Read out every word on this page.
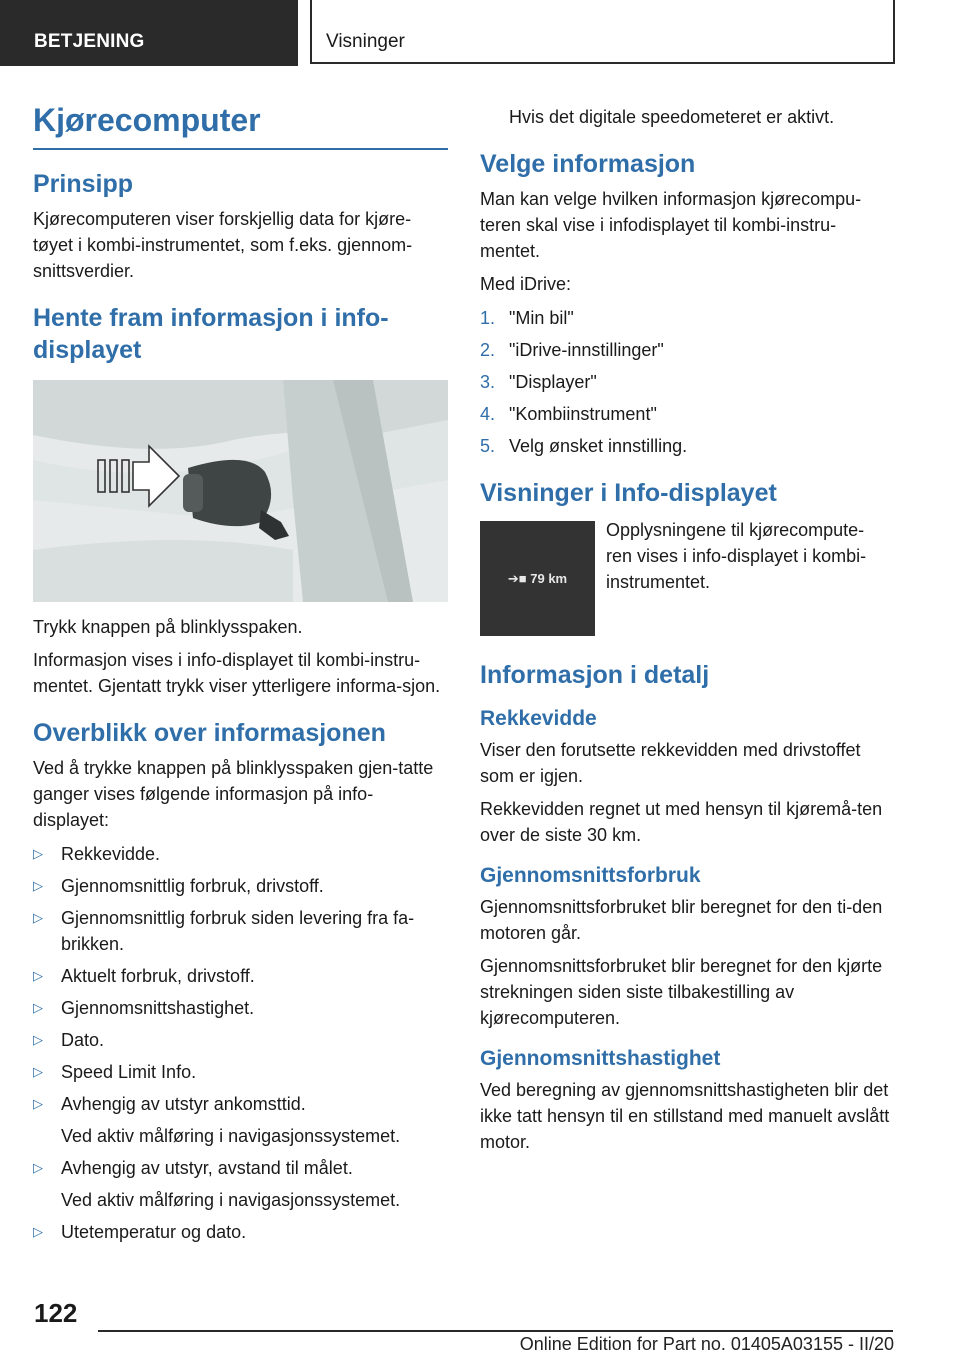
BETJENING	Visninger
Kjørecomputer
Prinsipp

Kjørecomputeren viser forskjellig data for kjøre-tøyet i kombi-instrumentet, som f.eks. gjennom-snittsverdier.

Hente fram informasjon i info-displayet

Trykk knappen på blinklysspaken.

Informasjon vises i info-displayet til kombi-instru-mentet. Gjentatt trykk viser ytterligere informa-sjon.

Overblikk over informasjonen

Ved å trykke knappen på blinklysspaken gjen-tatte ganger vises følgende informasjon på info-displayet:

▷ Rekkevidde.
▷ Gjennomsnittlig forbruk, drivstoff.
▷ Gjennomsnittlig forbruk siden levering fra fa-brikken.
▷ Aktuelt forbruk, drivstoff.
▷ Gjennomsnittshastighet.
▷ Dato.
▷ Speed Limit Info.
▷ Avhengig av utstyr ankomsttid.
Ved aktiv målføring i navigasjonssystemet.
▷ Avhengig av utstyr, avstand til målet.
Ved aktiv målføring i navigasjonssystemet.
▷ Utetemperatur og dato.

Hvis det digitale speedometeret er aktivt.

Velge informasjon

Man kan velge hvilken informasjon kjørecompu-teren skal vise i infodisplayet til kombi-instru-mentet.

Med iDrive:

1. "Min bil"
2. "iDrive-innstillinger"
3. "Displayer"
4. "Kombiinstrument"
5. Velg ønsket innstilling.
Visninger i Info-displayet
➔■ 79 km
Opplysningene til kjørecompute-ren vises i info-displayet i kombi-instrumentet.
Informasjon i detalj
Rekkevidde

Viser den forutsette rekkevidden med drivstoffet som er igjen.

Rekkevidden regnet ut med hensyn til kjøremå-ten over de siste 30 km.

Gjennomsnittsforbruk

Gjennomsnittsforbruket blir beregnet for den ti-den motoren går.

Gjennomsnittsforbruket blir beregnet for den kjørte strekningen siden siste tilbakestilling av kjørecomputeren.

Gjennomsnittshastighet

Ved beregning av gjennomsnittshastigheten blir det ikke tatt hensyn til en stillstand med manuelt avslått motor.

122
Online Edition for Part no. 01405A03155 - II/20
